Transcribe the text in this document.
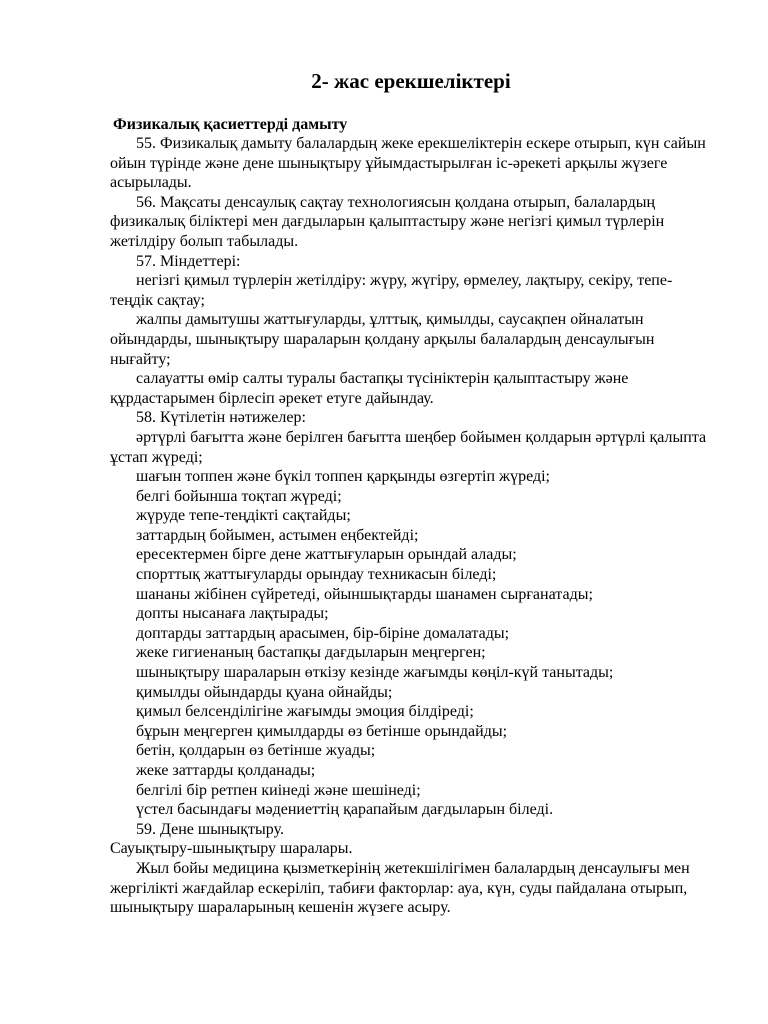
2- жас ерекшеліктері
Физикалық қасиеттерді дамыту

55. Физикалық дамыту балалардың жеке ерекшеліктерін ескере отырып, күн сайын ойын түрінде және дене шынықтыру ұйымдастырылған іс-әрекеті арқылы жүзеге асырылады.

56. Мақсаты денсаулық сақтау технологиясын қолдана отырып, балалардың физикалық біліктері мен дағдыларын қалыптастыру және негізгі қимыл түрлерін жетілдіру болып табылады.

57. Міндеттері:

негізгі қимыл түрлерін жетілдіру: жүру, жүгіру, өрмелеу, лақтыру, секіру, тепе-теңдік сақтау;

жалпы дамытушы жаттығуларды, ұлттық, қимылды, саусақпен ойналатын ойындарды, шынықтыру шараларын қолдану арқылы балалардың денсаулығын нығайту;

салауатты өмір салты туралы бастапқы түсініктерін қалыптастыру және құрдастарымен бірлесіп әрекет етуге дайындау.

58. Күтілетін нәтижелер:

әртүрлі бағытта және берілген бағытта шеңбер бойымен қолдарын әртүрлі қалыпта ұстап жүреді;

шағын топпен және бүкіл топпен қарқынды өзгертіп жүреді;

белгі бойынша тоқтап жүреді;

жүруде тепе-теңдікті сақтайды;

заттардың бойымен, астымен еңбектейді;

ересектермен бірге дене жаттығуларын орындай алады;

спорттық жаттығуларды орындау техникасын біледі;

шананы жібінен сүйретеді, ойыншықтарды шанамен сырғанатады;

допты нысанаға лақтырады;

доптарды заттардың арасымен, бір-біріне домалатады;

жеке гигиенаның бастапқы дағдыларын меңгерген;

шынықтыру шараларын өткізу кезінде жағымды көңіл-күй танытады;

қимылды ойындарды қуана ойнайды;

қимыл белсенділігіне жағымды эмоция білдіреді;

бұрын меңгерген қимылдарды өз бетінше орындайды;

бетін, қолдарын өз бетінше жуады;

жеке заттарды қолданады;

белгілі бір ретпен киінеді және шешінеді;

үстел басындағы мәдениеттің қарапайым дағдыларын біледі.

59. Дене шынықтыру.

Сауықтыру-шынықтыру шаралары.

Жыл бойы медицина қызметкерінің жетекшілігімен балалардың денсаулығы мен жергілікті жағдайлар ескеріліп, табиғи факторлар: ауа, күн, суды пайдалана отырып, шынықтыру шараларының кешенін жүзеге асыру.
